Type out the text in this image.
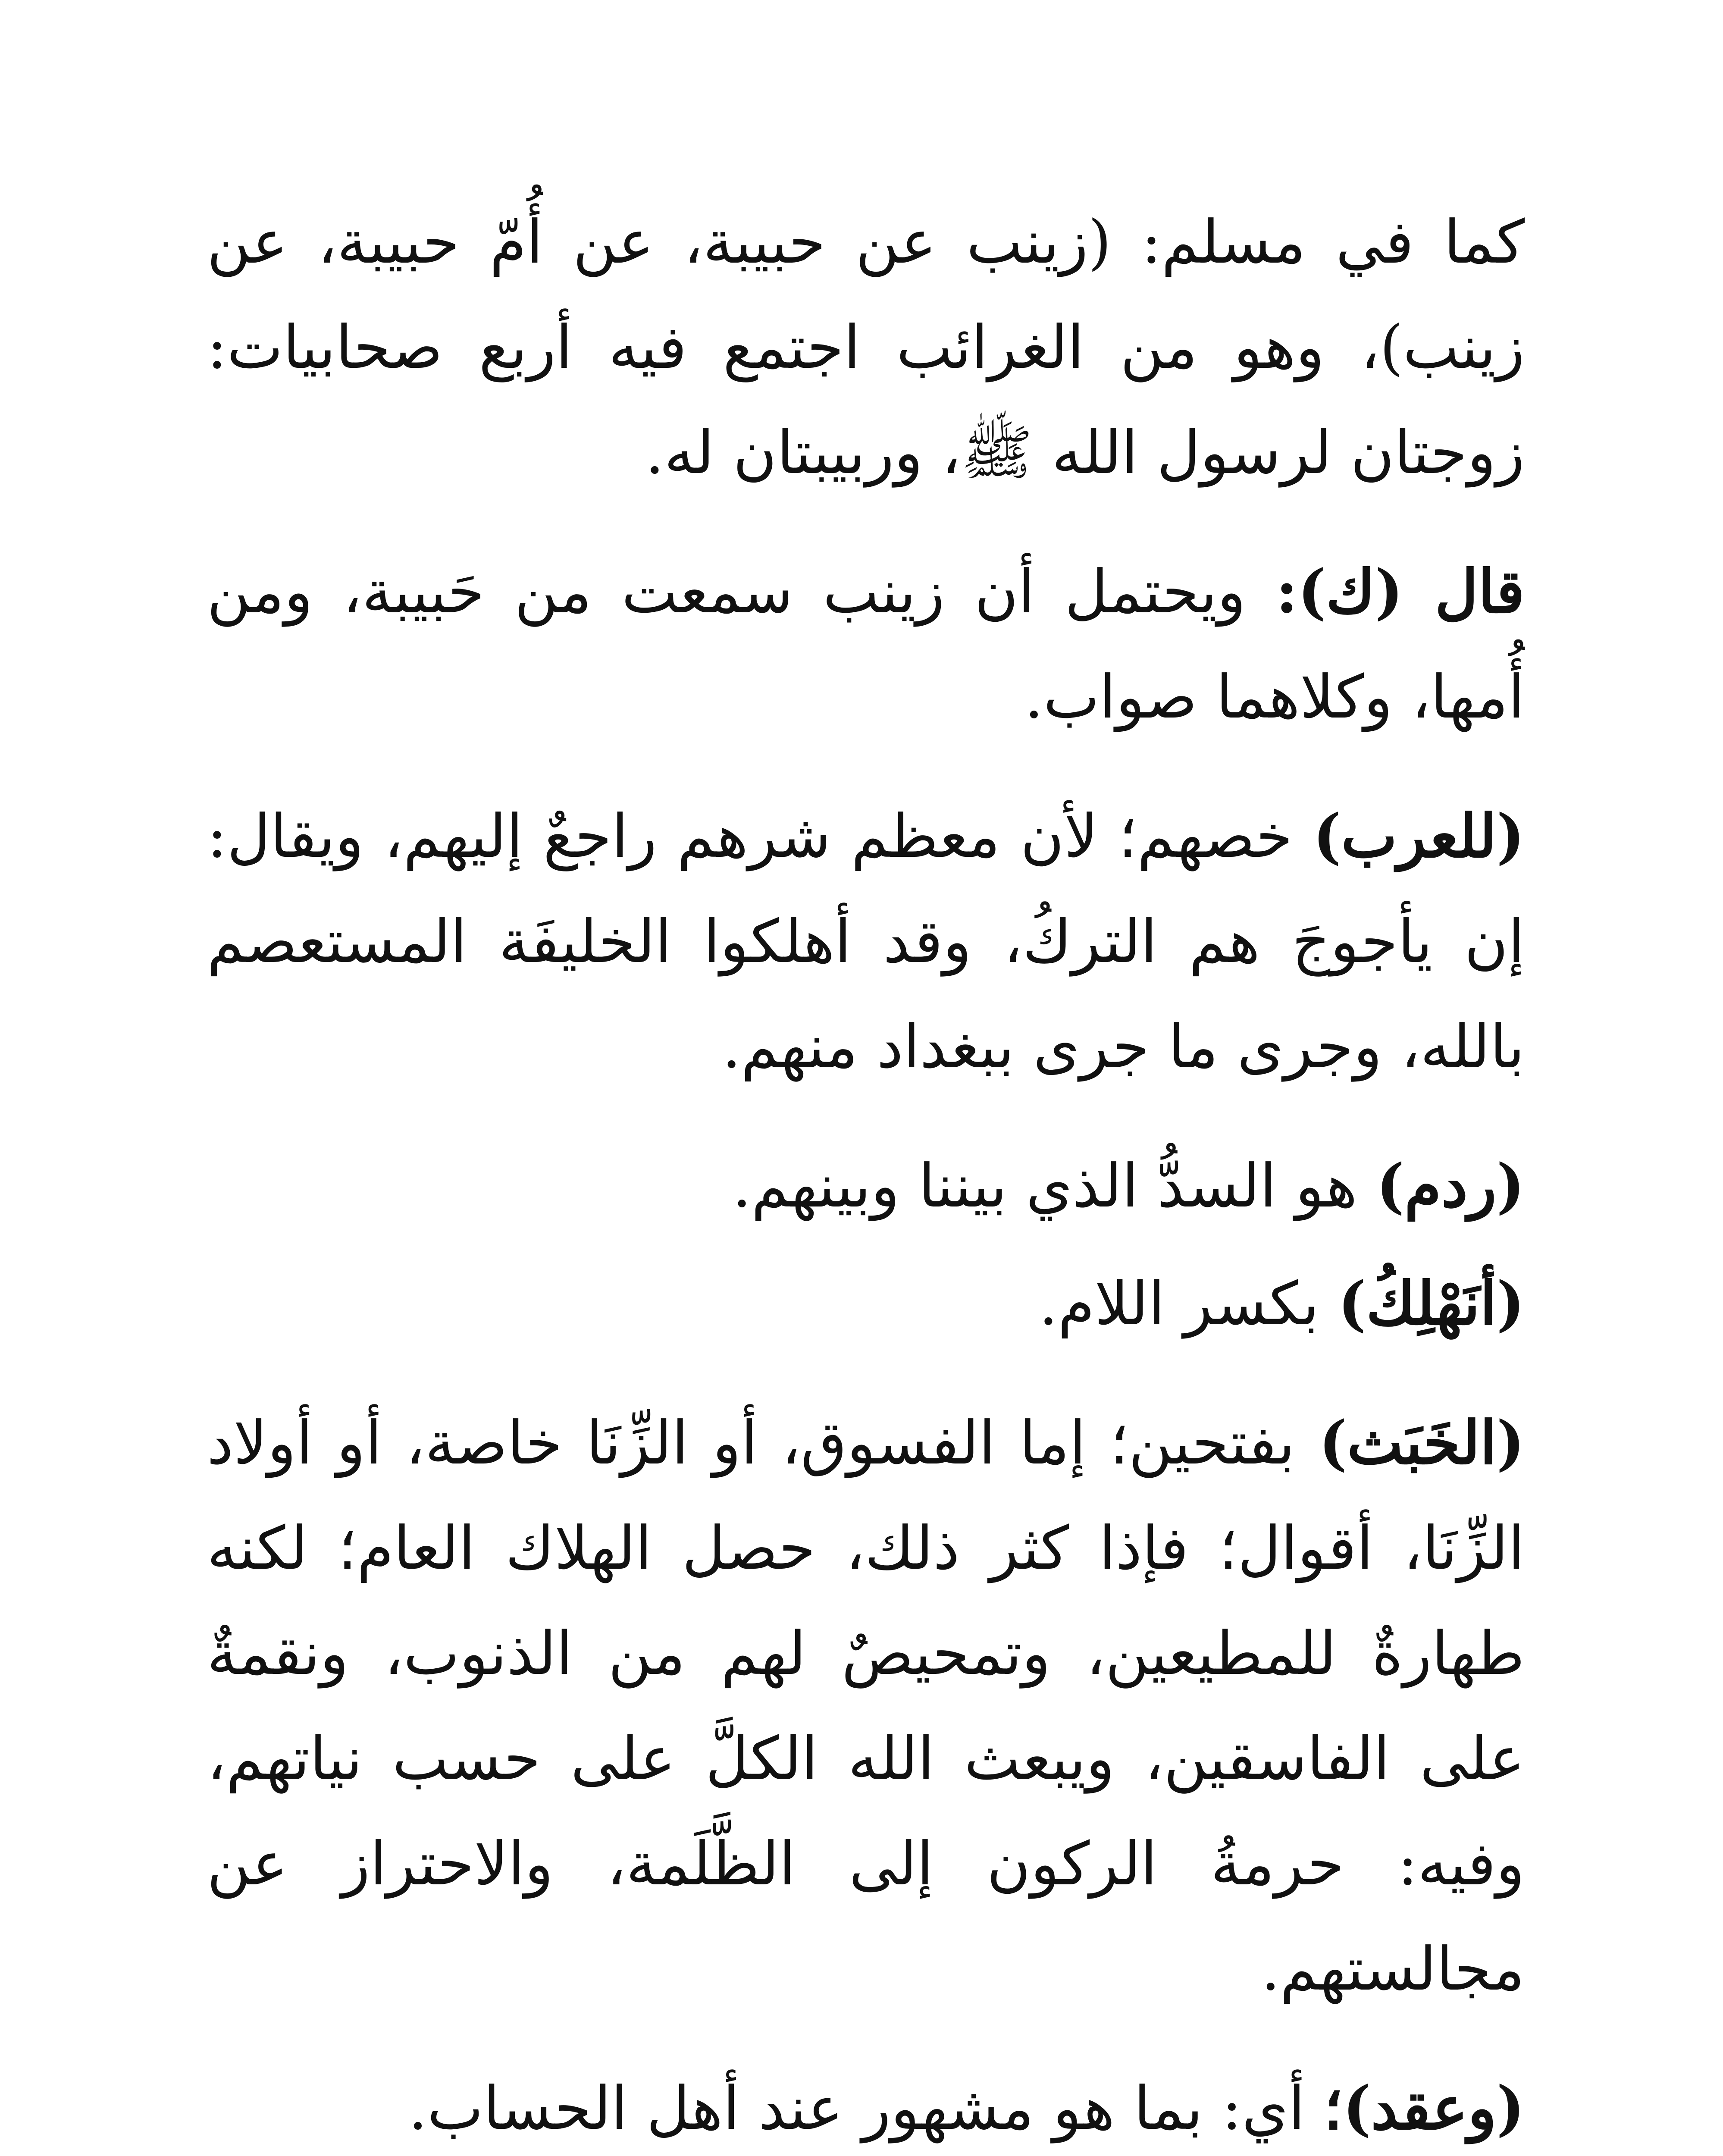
كما في مسلم: (زينب عن حبيبة، عن أُمّ حبيبة، عن زينب)، وهو من الغرائب اجتمع فيه أربع صحابيات: زوجتان لرسول الله ﷺ، وربيبتان له.

قال (ك): ويحتمل أن زينب سمعت من حَبيبة، ومن أُمها، وكلاهما صواب.

(للعرب) خصهم؛ لأن معظم شرهم راجعٌ إليهم، ويقال: إن يأجوجَ هم التركُ، وقد أهلكوا الخليفَة المستعصم بالله، وجرى ما جرى ببغداد منهم.

(ردم) هو السدُّ الذي بيننا وبينهم.

(أنَهْلِكُ) بكسر اللام.

(الخَبَث) بفتحين؛ إما الفسوق، أو الزِّنَا خاصة، أو أولاد الزِّنَا، أقوال؛ فإذا كثر ذلك، حصل الهلاك العام؛ لكنه طهارةٌ للمطيعين، وتمحيصٌ لهم من الذنوب، ونقمةٌ على الفاسقين، ويبعث الله الكلَّ على حسب نياتهم، وفيه: حرمةُ الركون إلى الظَّلَمة، والاحتراز عن مجالستهم.

(وعقد)؛ أي: بما هو مشهور عند أهل الحساب.
